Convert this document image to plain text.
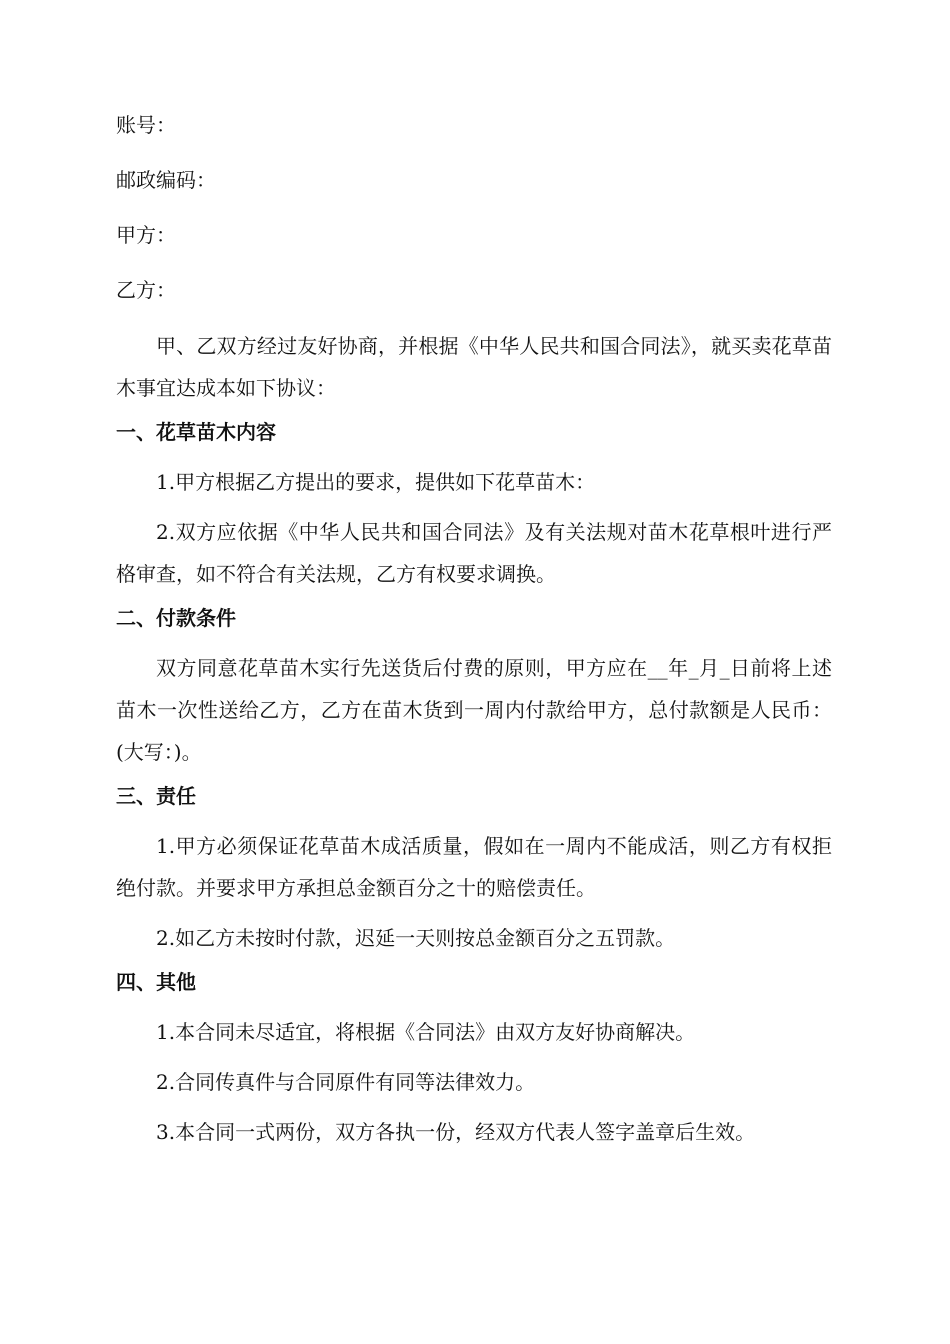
账号：

邮政编码：

甲方：

乙方：

甲、乙双方经过友好协商，并根据《中华人民共和国合同法》，就买卖花草苗木事宜达成本如下协议：

一、花草苗木内容

1.甲方根据乙方提出的要求，提供如下花草苗木：

2.双方应依据《中华人民共和国合同法》及有关法规对苗木花草根叶进行严格审查，如不符合有关法规，乙方有权要求调换。

二、付款条件

双方同意花草苗木实行先送货后付费的原则，甲方应在__年_月_日前将上述苗木一次性送给乙方，乙方在苗木货到一周内付款给甲方，总付款额是人民币：(大写：)。

三、责任

1.甲方必须保证花草苗木成活质量，假如在一周内不能成活，则乙方有权拒绝付款。并要求甲方承担总金额百分之十的赔偿责任。

2.如乙方未按时付款，迟延一天则按总金额百分之五罚款。

四、其他

1.本合同未尽适宜，将根据《合同法》由双方友好协商解决。

2.合同传真件与合同原件有同等法律效力。

3.本合同一式两份，双方各执一份，经双方代表人签字盖章后生效。
